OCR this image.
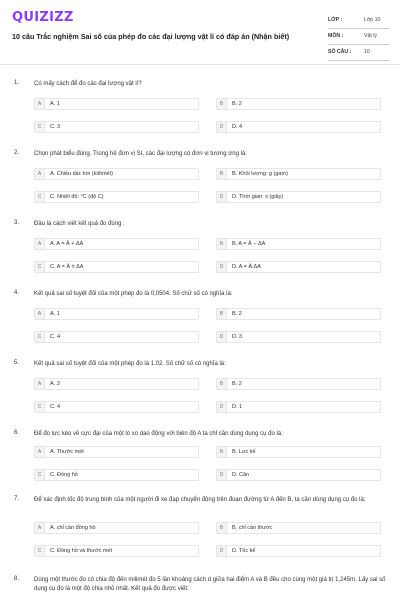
QUIZIZZ
10 câu Trắc nghiệm Sai số của phép đo các đại lượng vật lí có đáp án (Nhận biết)
LỚP :	Lớp 10
MÔN :	Vật lý
SỐ CÂU : 10
1. Có mấy cách để đo các đại lượng vật lí?
A	A. 1	B	B. 2
C	C. 3	D	D. 4
2. Chọn phát biểu đúng. Trong hệ đơn vị SI, các đại lượng có đơn vị tương ứng là:
A	A. Chiều dài: km (kilômét)	B	B. Khối lượng: g (gam)
C	C. Nhiệt độ: °C (độ C)	D	D. Thời gian: s (giây)
3. Đâu là cách viết kết quả đo đúng :
A	A. A = Ā + ΔA	B	B. A = Ā − ΔA
C	C. A = Ā ± ΔA	D	D. A = Ā:ΔA
4. Kết quả sai số tuyệt đối của một phép đo là 0,0504. Số chữ số có nghĩa là:
A	A. 1	B	B. 2
C	C. 4	D	D. 3
5. Kết quả sai số tuyệt đối của một phép đo là 1,02. Số chữ số có nghĩa là:
A	A. 3	B	B. 2
C	C. 4	D	D. 1
6. Để đo lực kéo về cực đại của một lò xo dao động với biên độ A ta chỉ cần dùng dụng cụ đo là:
A	A. Thước mét	B	B. Lực kế
C	C. Đồng hồ	D	D. Cân
7. Để xác định tốc độ trung bình của một người đi xe đạp chuyển động trên đoạn đường từ A đến B, ta cần dùng dụng cụ đo là:
A	A. chỉ cần đồng hồ	B	B. chỉ cần thước
C	C. Đồng hồ và thước mét	D	D. Tốc kế
8. Dùng một thước đo có chia độ đến milimét đo 5 lần khoảng cách d giữa hai điểm A và B đều cho cùng một giá trị 1,245m. Lấy sai số dụng cụ đo là một độ chia nhỏ nhất. Kết quả đo được viết:
